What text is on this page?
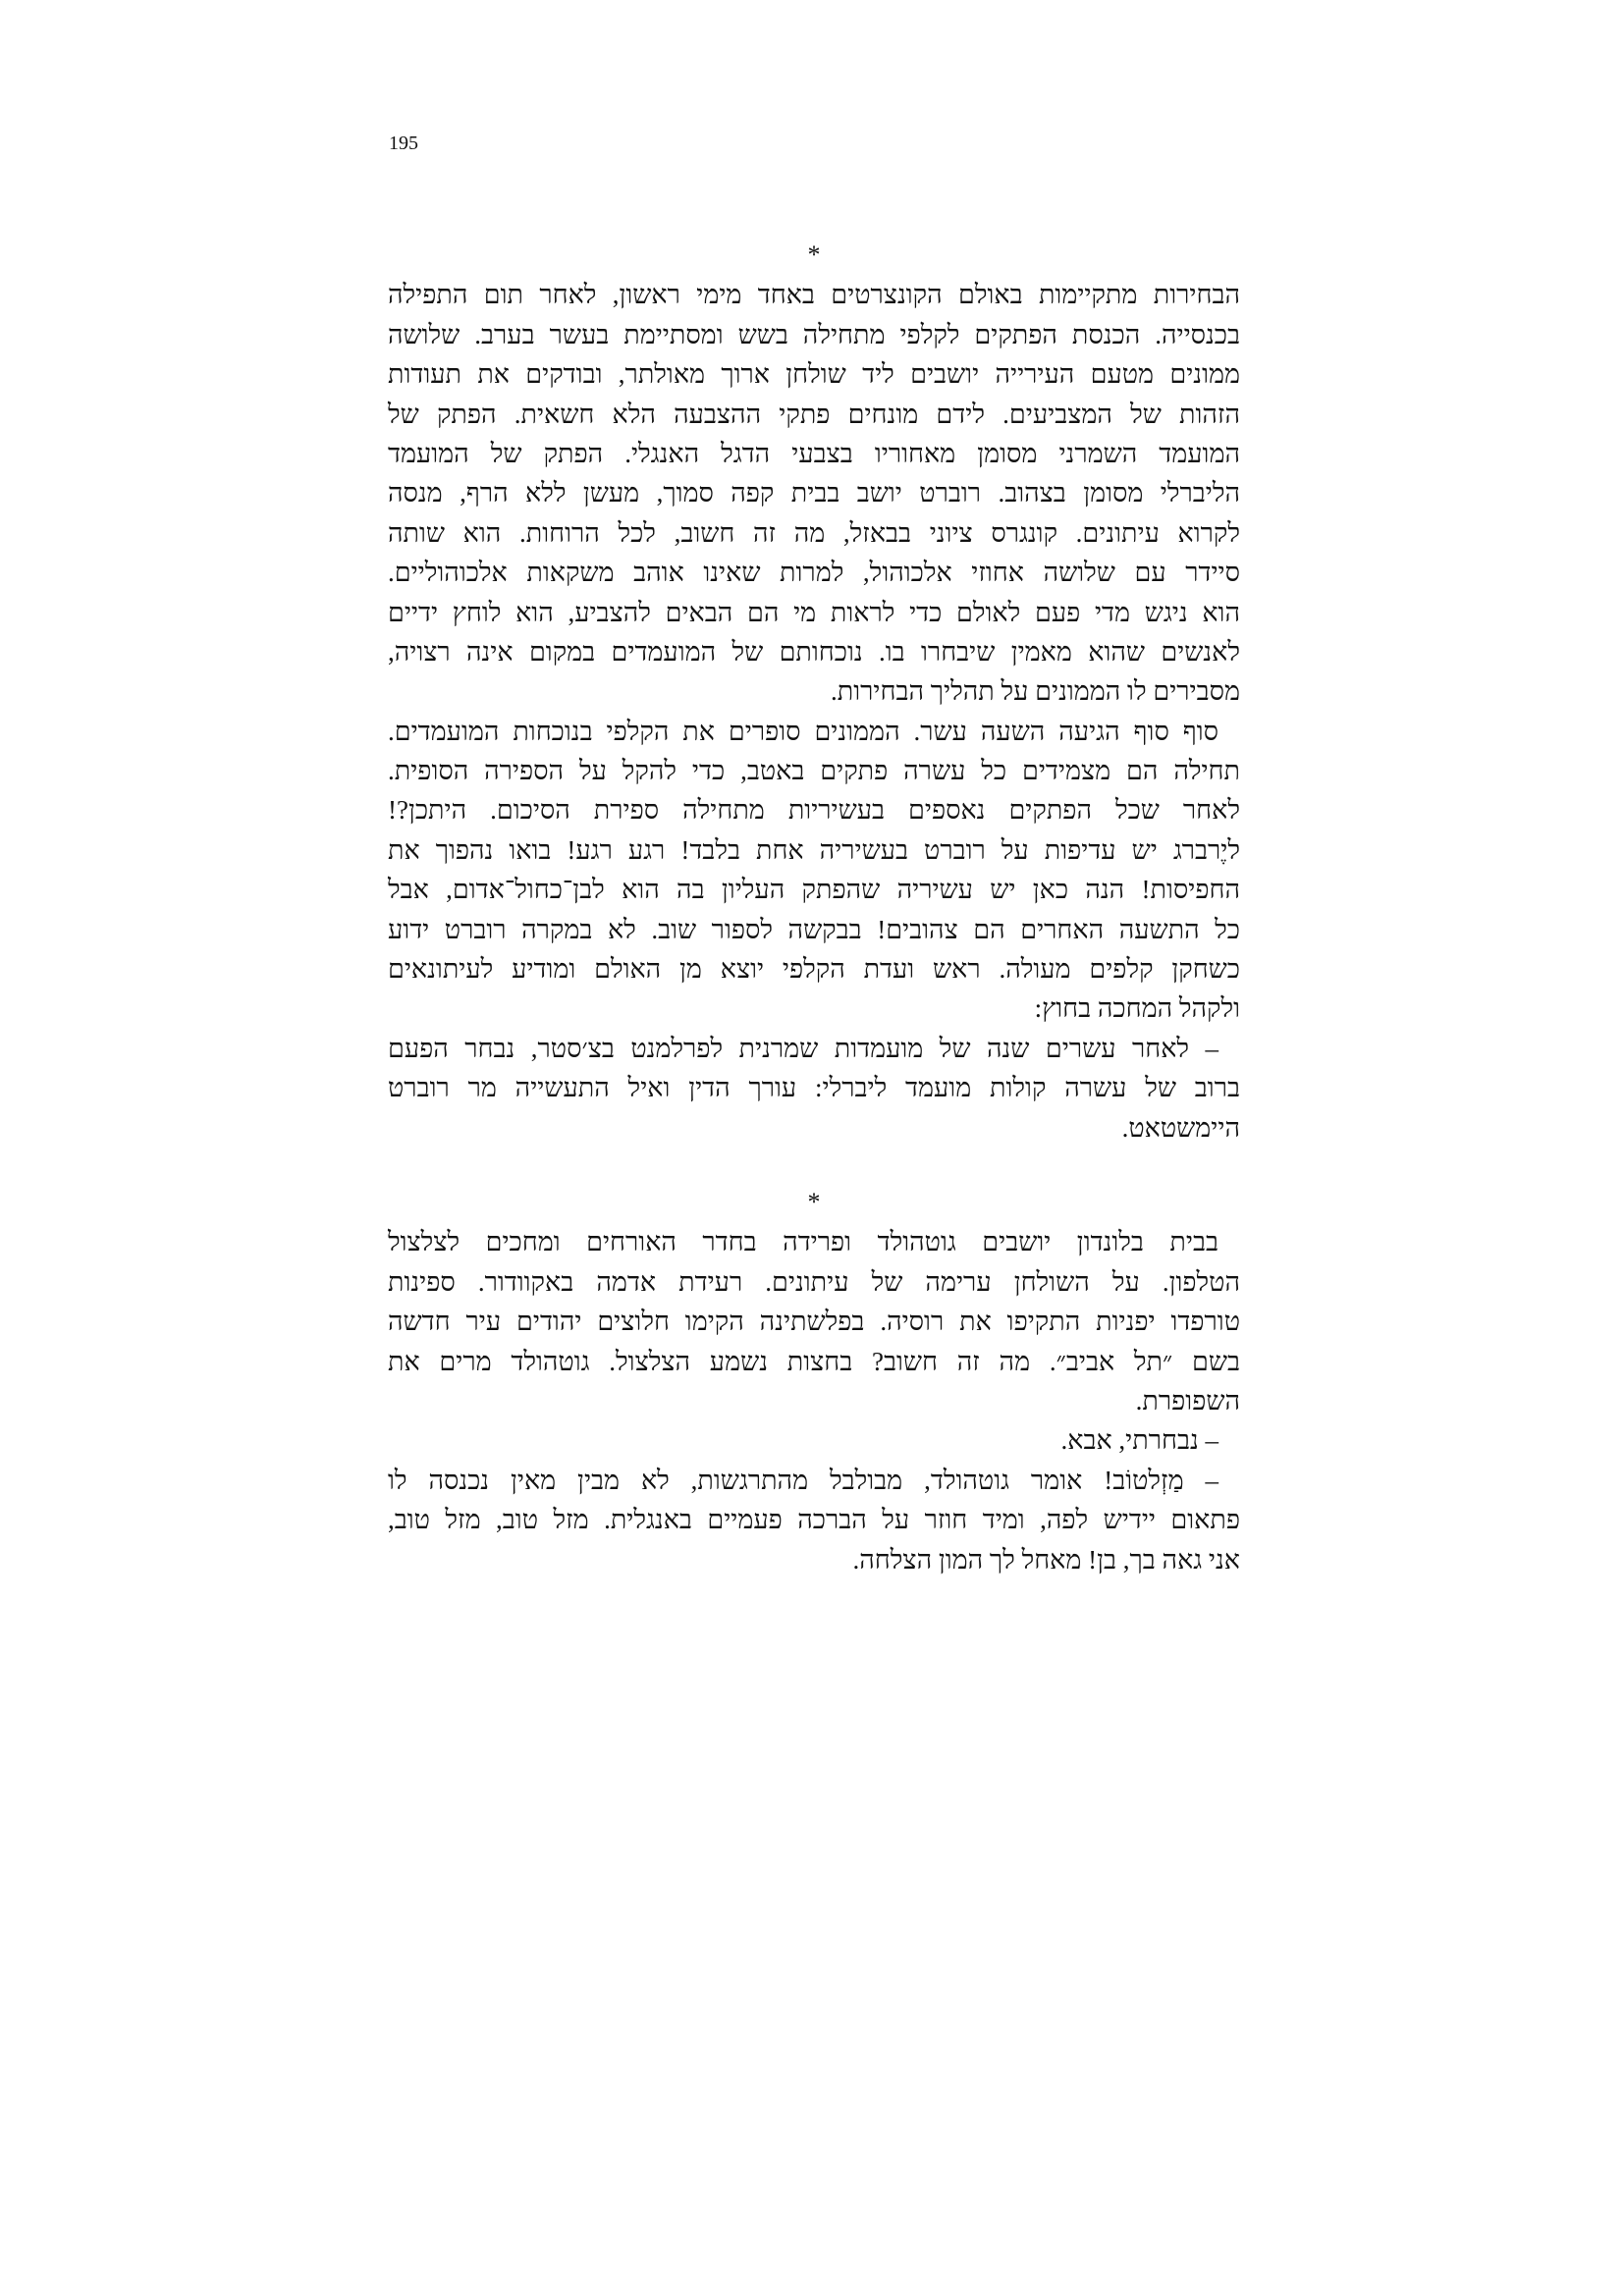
195
*

הבחירות מתקיימות באולם הקונצרטים באחד מימי ראשון, לאחר תום התפילה
בכנסייה. הכנסת הפתקים לקלפי מתחילה בשש ומסתיימת בעשר בערב. שלושה
ממונים מטעם העירייה יושבים ליד שולחן ארוך מאולתר, ובודקים את תעודות
הזהות של המצביעים. לידם מונחים פתקי ההצבעה הלא חשאית. הפתק של
המועמד השמרני מסומן מאחוריו בצבעי הדגל האנגלי. הפתק של המועמד
הליברלי מסומן בצהוב. רוברט יושב בבית קפה סמוך, מעשן ללא הרף, מנסה
לקרוא עיתונים. קונגרס ציוני בבאזל, מה זה חשוב, לכל הרוחות. הוא שותה
סיידר עם שלושה אחוזי אלכוהול, למרות שאינו אוהב משקאות אלכוהוליים.
הוא ניגש מדי פעם לאולם כדי לראות מי הם הבאים להצביע, הוא לוחץ ידיים
לאנשים שהוא מאמין שיבחרו בו. נוכחותם של המועמדים במקום אינה רצויה,
מסבירים לו הממונים על תהליך הבחירות.

סוף סוף הגיעה השעה עשר. הממונים סופרים את הקלפי בנוכחות המועמדים.
תחילה הם מצמידים כל עשרה פתקים באטב, כדי להקל על הספירה הסופית.
לאחר שכל הפתקים נאספים בעשיריות מתחילה ספירת הסיכום. היתכן?!
ליֶרברג יש עדיפות על רוברט בעשיריה אחת בלבד! רגע רגע! בואו נהפוך את
החפיסות! הנה כאן יש עשיריה שהפתק העליון בה הוא לבן־כחול־אדום, אבל
כל התשעה האחרים הם צהובים! בבקשה לספור שוב. לא במקרה רוברט ידוע
כשחקן קלפים מעולה. ראש ועדת הקלפי יוצא מן האולם ומודיע לעיתונאים
ולקהל המחכה בחוץ:

– לאחר עשרים שנה של מועמדות שמרנית לפרלמנט בצ׳סטר, נבחר הפעם
ברוב של עשרה קולות מועמד ליברלי: עורך הדין ואיל התעשייה מר רוברט
היימשטאט.

*

בבית בלונדון יושבים גוטהולד ופרידה בחדר האורחים ומחכים לצלצול
הטלפון. על השולחן ערימה של עיתונים. רעידת אדמה באקוודור. ספינות
טורפדו יפניות התקיפו את רוסיה. בפלשתינה הקימו חלוצים יהודים עיר חדשה
בשם ״תל אביב״. מה זה חשוב? בחצות נשמע הצלצול. גוטהולד מרים את
השפופרת.

– נבחרתי, אבא.

– מַזְלטוֹב! אומר גוטהולד, מבולבל מהתרגשות, לא מבין מאין נכנסה לו
פתאום יידיש לפה, ומיד חוזר על הברכה פעמיים באנגלית. מזל טוב, מזל טוב,
אני גאה בך, בן! מאחל לך המון הצלחה.
